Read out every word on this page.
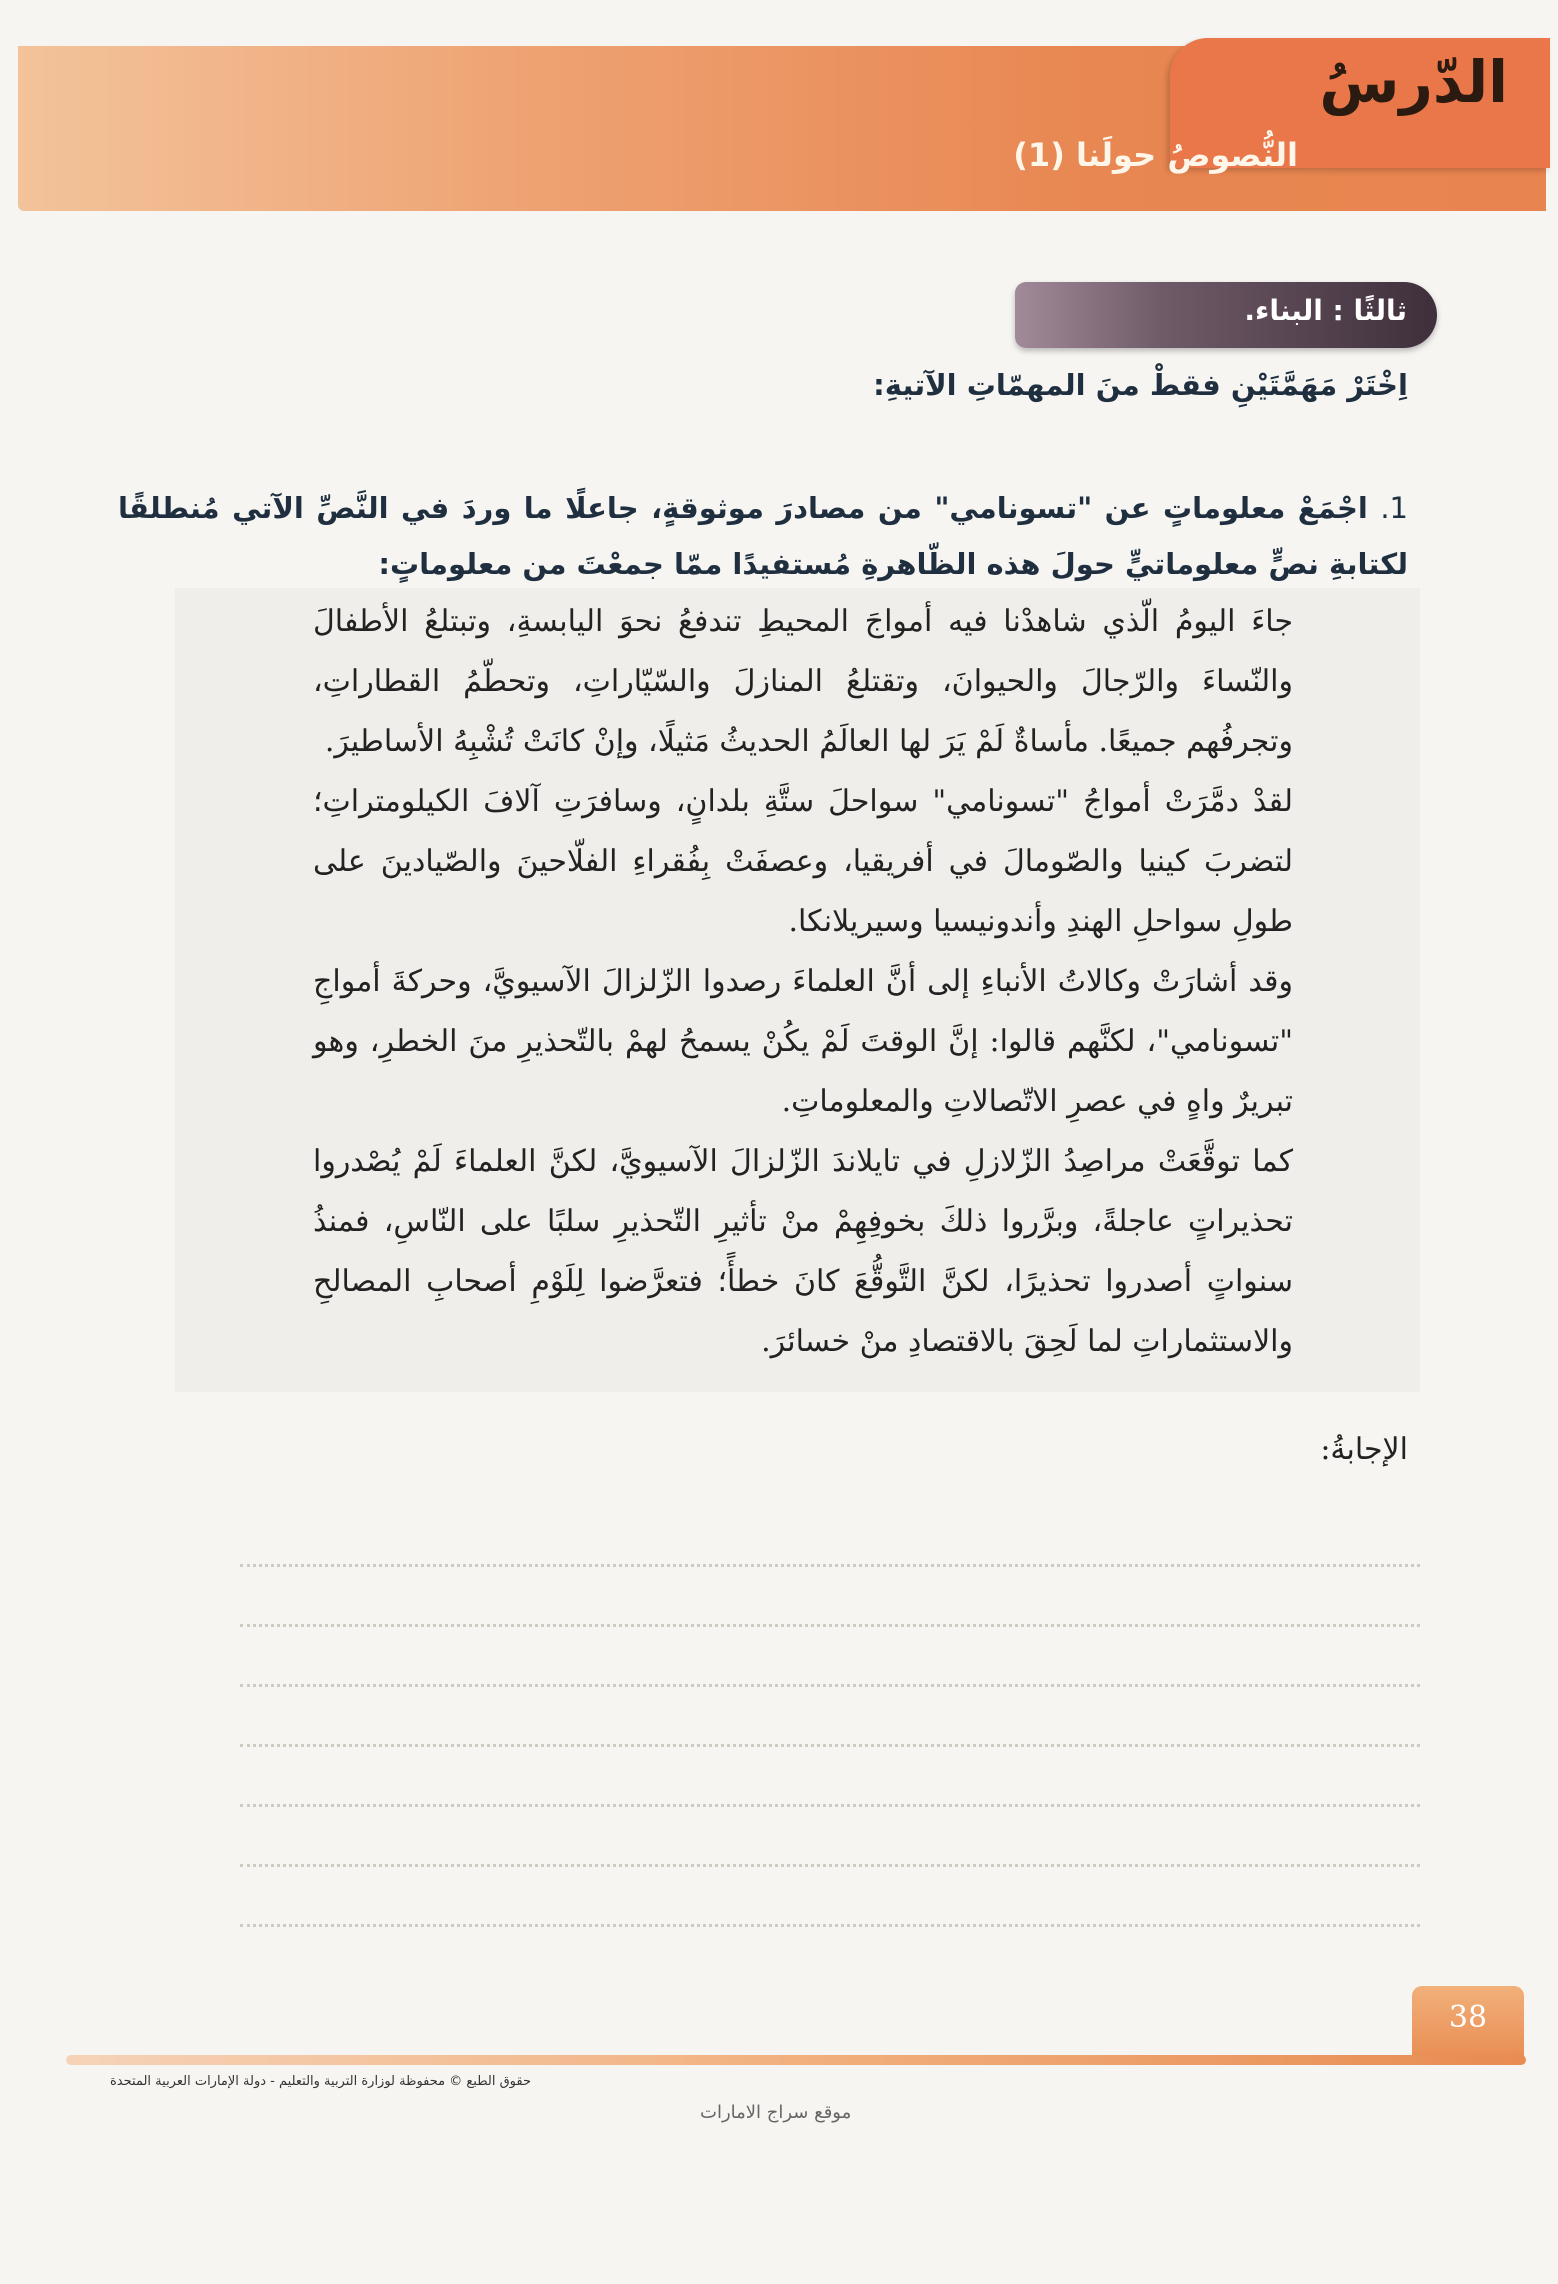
الدّرسُ
النُّصوصُ حولَنا (1)
ثالثًا : البناء.
اِخْتَرْ مَهَمَّتَيْنِ فقطْ منَ المهمّاتِ الآتيةِ:
1. اجْمَعْ معلوماتٍ عن "تسونامي" من مصادرَ موثوقةٍ، جاعلًا ما وردَ في النَّصِّ الآتي مُنطلقًا لكتابةِ نصٍّ معلوماتيٍّ حولَ هذه الظّاهرةِ مُستفيدًا ممّا جمعْتَ من معلوماتٍ:

جاءَ اليومُ الّذي شاهدْنا فيه أمواجَ المحيطِ تندفعُ نحوَ اليابسةِ، وتبتلعُ الأطفالَ والنّساءَ والرّجالَ والحيوانَ، وتقتلعُ المنازلَ والسّيّاراتِ، وتحطّمُ القطاراتِ، وتجرفُهم جميعًا. مأساةٌ لَمْ يَرَ لها العالَمُ الحديثُ مَثيلًا، وإنْ كانَتْ تُشْبِهُ الأساطيرَ.

لقدْ دمَّرَتْ أمواجُ "تسونامي" سواحلَ ستَّةِ بلدانٍ، وسافرَتِ آلافَ الكيلومتراتِ؛ لتضربَ كينيا والصّومالَ في أفريقيا، وعصفَتْ بِفُقراءِ الفلّاحينَ والصّيادينَ على طولِ سواحلِ الهندِ وأندونيسيا وسيريلانكا.

وقد أشارَتْ وكالاتُ الأنباءِ إلى أنَّ العلماءَ رصدوا الزّلزالَ الآسيويَّ، وحركةَ أمواجِ "تسونامي"، لكنَّهم قالوا: إنَّ الوقتَ لَمْ يكُنْ يسمحُ لهمْ بالتّحذيرِ منَ الخطرِ، وهو تبريرٌ واهٍ في عصرِ الاتّصالاتِ والمعلوماتِ.

كما توقَّعَتْ مراصِدُ الزّلازلِ في تايلاندَ الزّلزالَ الآسيويَّ، لكنَّ العلماءَ لَمْ يُصْدروا تحذيراتٍ عاجلةً، وبرَّروا ذلكَ بخوفِهِمْ منْ تأثيرِ التّحذيرِ سلبًا على النّاسِ، فمنذُ سنواتٍ أصدروا تحذيرًا، لكنَّ التَّوقُّعَ كانَ خطأً؛ فتعرَّضوا لِلَوْمِ أصحابِ المصالحِ والاستثماراتِ لما لَحِقَ بالاقتصادِ منْ خسائرَ.

الإجابةُ:
38
حقوق الطبع © محفوظة لوزارة التربية والتعليم - دولة الإمارات العربية المتحدة
موقع سراج الامارات
